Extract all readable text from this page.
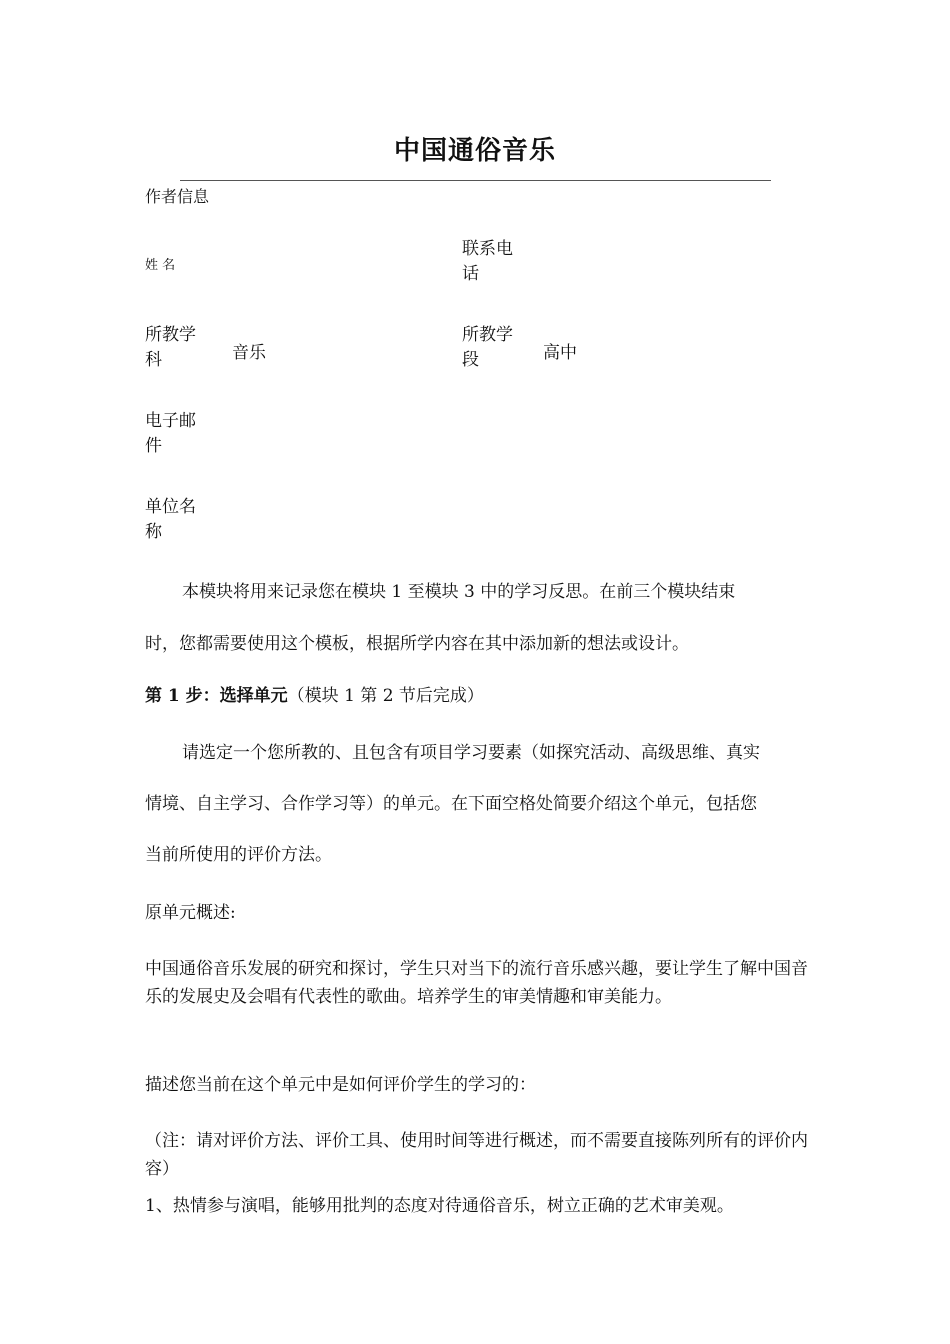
中国通俗音乐
作者信息
姓 名
联系电
话
所教学
科	音乐
所教学
段	高中
电子邮
件
单位名
称
本模块将用来记录您在模块 1 至模块 3 中的学习反思。在前三个模块结束
时，您都需要使用这个模板，根据所学内容在其中添加新的想法或设计。
第 1 步：选择单元（模块 1 第 2 节后完成）
请选定一个您所教的、且包含有项目学习要素（如探究活动、高级思维、真实
情境、自主学习、合作学习等）的单元。在下面空格处简要介绍这个单元，包括您
当前所使用的评价方法。
原单元概述:
中国通俗音乐发展的研究和探讨，学生只对当下的流行音乐感兴趣，要让学生了解中国音乐的发展史及会唱有代表性的歌曲。培养学生的审美情趣和审美能力。
描述您当前在这个单元中是如何评价学生的学习的：
（注：请对评价方法、评价工具、使用时间等进行概述，而不需要直接陈列所有的评价内容）
1、热情参与演唱，能够用批判的态度对待通俗音乐，树立正确的艺术审美观。
